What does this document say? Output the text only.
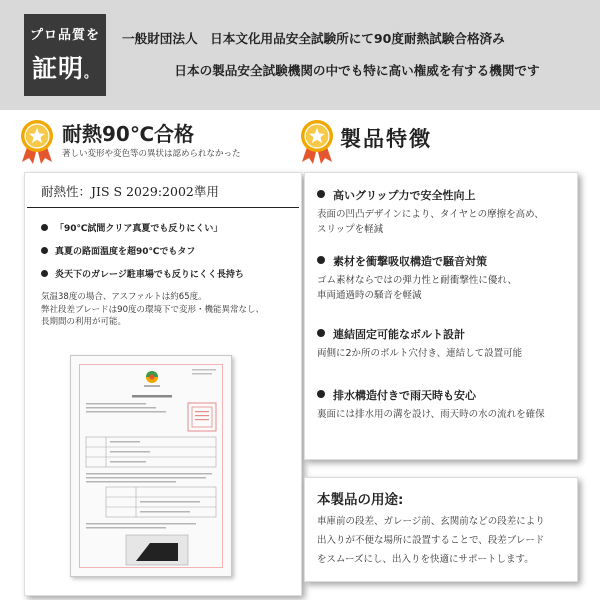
プロ品質を
証明。
一般財団法人　日本文化用品安全試験所にて90度耐熱試験合格済み
日本の製品安全試験機関の中でも特に高い権威を有する機関です
耐熱90℃合格
著しい変形や変色等の異状は認められなかった
耐熱性：JIS S 2029:2002準用
「90℃試間クリア真夏でも反りにくい」
真夏の路面温度を超90℃でもタフ
炎天下のガレージ駐車場でも反りにくく長持ち
気温38度の場合、アスファルトは約65度。
弊社段差ブレードは90度の環境下で変形・機能異常なし、
長期間の利用が可能。
製品特徴
高いグリップ力で安全性向上
表面の凹凸デザインにより、タイヤとの摩擦を高め、
スリップを軽減
素材を衝撃吸収構造で騒音対策
ゴム素材ならではの弾力性と耐衝撃性に優れ、
車両通過時の騒音を軽減
連結固定可能なボルト設計
両側に2か所のボルト穴付き、連結して設置可能
排水構造付きで雨天時も安心
裏面には排水用の溝を設け、雨天時の水の流れを確保
本製品の用途:
車庫前の段差、ガレージ前、玄関前などの段差により
出入りが不便な場所に設置することで、段差ブレード
をスムーズにし、出入りを快適にサポートします。
